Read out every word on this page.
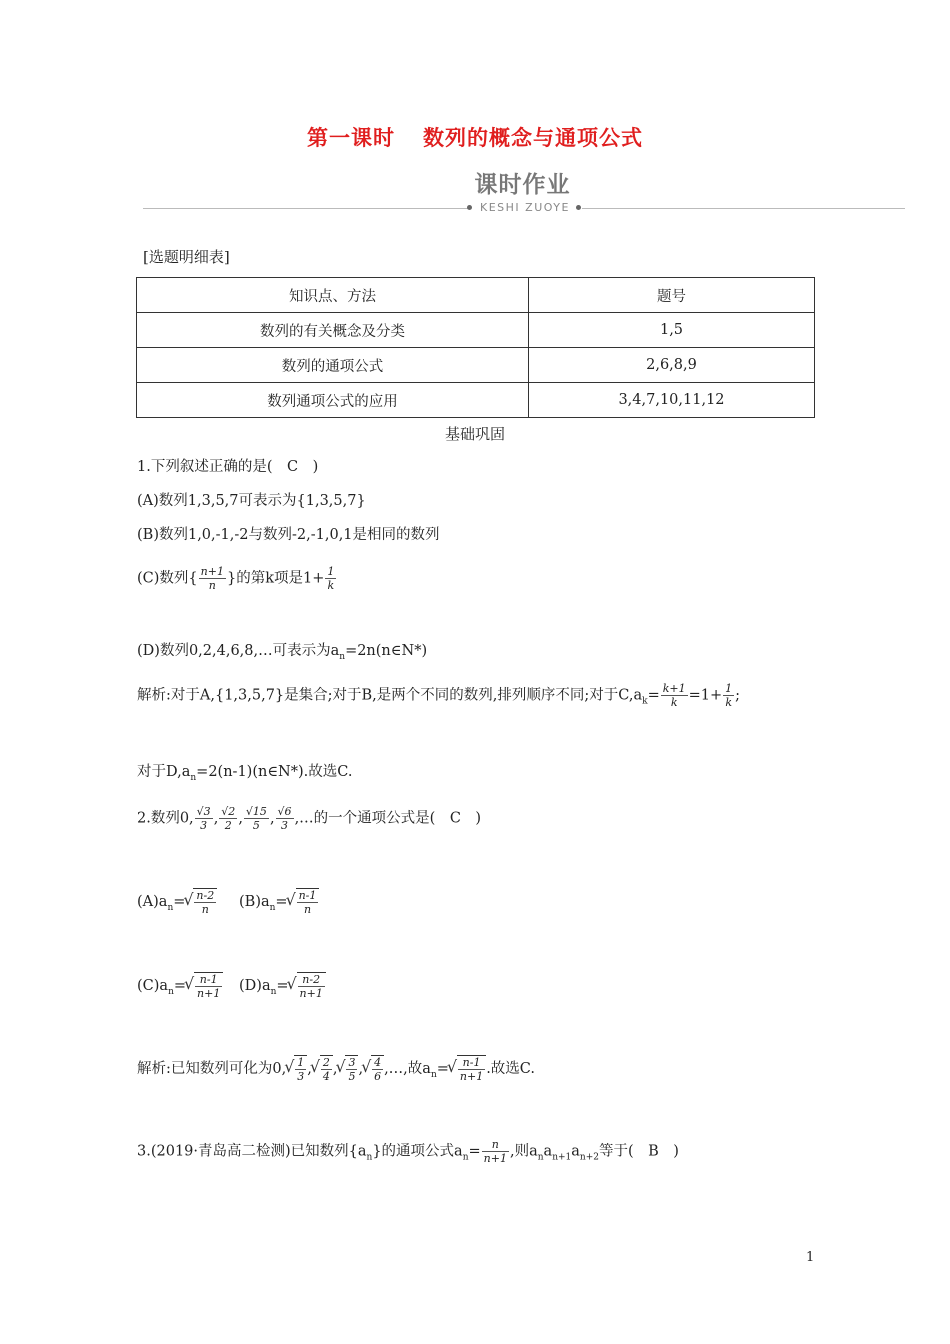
第一课时 数列的概念与通项公式
课时作业
KESHI ZUOYE
[选题明细表]
知识点、方法	题号
数列的有关概念及分类	1,5
数列的通项公式	2,6,8,9
数列通项公式的应用	3,4,7,10,11,12
基础巩固
1.下列叙述正确的是(　C　)
(A)数列1,3,5,7可表示为{1,3,5,7}
(B)数列1,0,-1,-2与数列-2,-1,0,1是相同的数列
(C)数列{ $\frac{n+1}{n}$ }的第k项是$1+ \frac{1}{k}$
(D)数列0,2,4,6,8,…可表示为$a_n=2n(n\in N*)$
解析:对于A,{1,3,5,7}是集合;对于B,是两个不同的数列,排列顺序不同;对于$C,a_k= \frac{k+1}{k} =1+ \frac{1}{k}$ ;
对于$D,a_n=2(n-1)(n\in N*)$.故选C.
2.数列0, $\frac{√3}{3}$ , $\frac{√2}{2}$ , $\frac{√15}{5}$ , $\frac{√6}{3}$ ,…的一个通项公式是(　C　)
$(A)a_n=$ √ $\frac{n-2}{n} (B)a_n=$ √ $\frac{n-1}{n}$
$(C)a_n=$ √ $\frac{n-1}{n+1} (D)a_n=$ √ $\frac{n-2}{n+1}$
解析:已知数列可化为0, √ $\frac{1}{3}$ , √ $\frac{2}{4}$ , √ $\frac{3}{5}$ , √ $\frac{4}{6}$ ,…,故$a_n=$ √ $\frac{n-1}{n+1}$ .故选C.
3.(2019·青岛高二检测)已知数列$\{a_n\}$的通项公式$a_n= \frac{n}{n+1}$ ,则$a_na_{n+1}a_{n+2}$等于(　B　)
1
